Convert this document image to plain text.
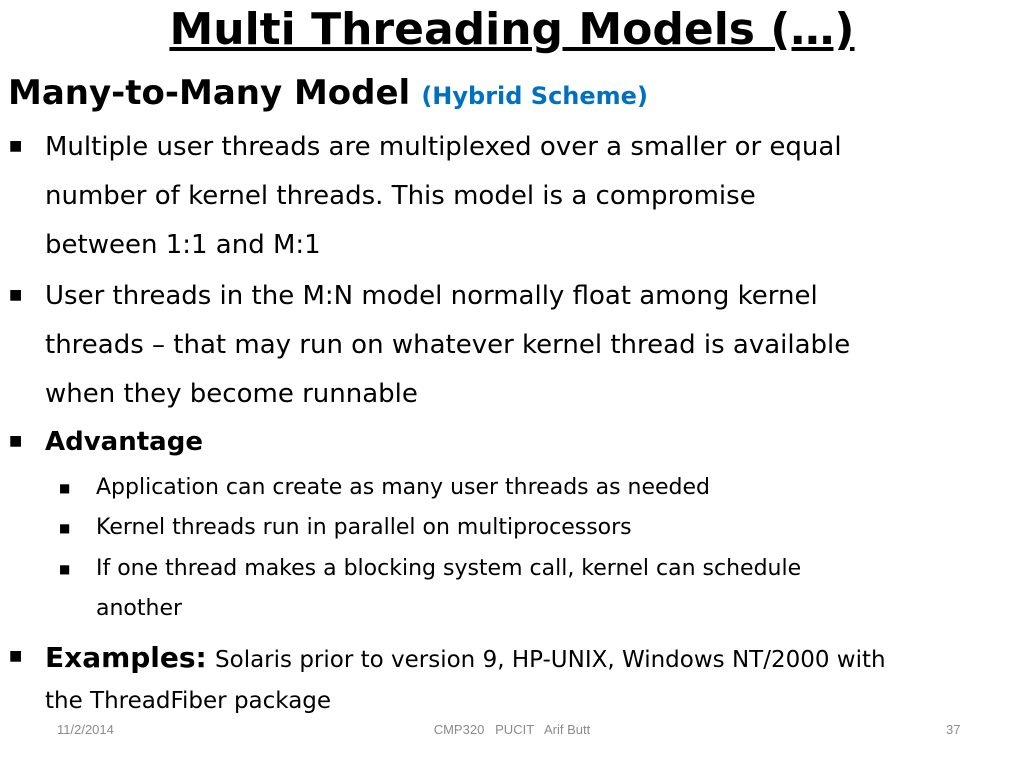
Multi Threading Models (…)
Many-to-Many Model (Hybrid Scheme)
■ Multiple user threads are multiplexed over a smaller or equal
number of kernel threads. This model is a compromise
between 1:1 and M:1
■ User threads in the M:N model normally float among kernel
threads – that may run on whatever kernel thread is available
when they become runnable
■ Advantage
■ Application can create as many user threads as needed
■ Kernel threads run in parallel on multiprocessors
■ If one thread makes a blocking system call, kernel can schedule
another
■ Examples: Solaris prior to version 9, HP-UNIX, Windows NT/2000 with
the ThreadFiber package
11/2/2014	CMP320   PUCIT   Arif Butt	37
